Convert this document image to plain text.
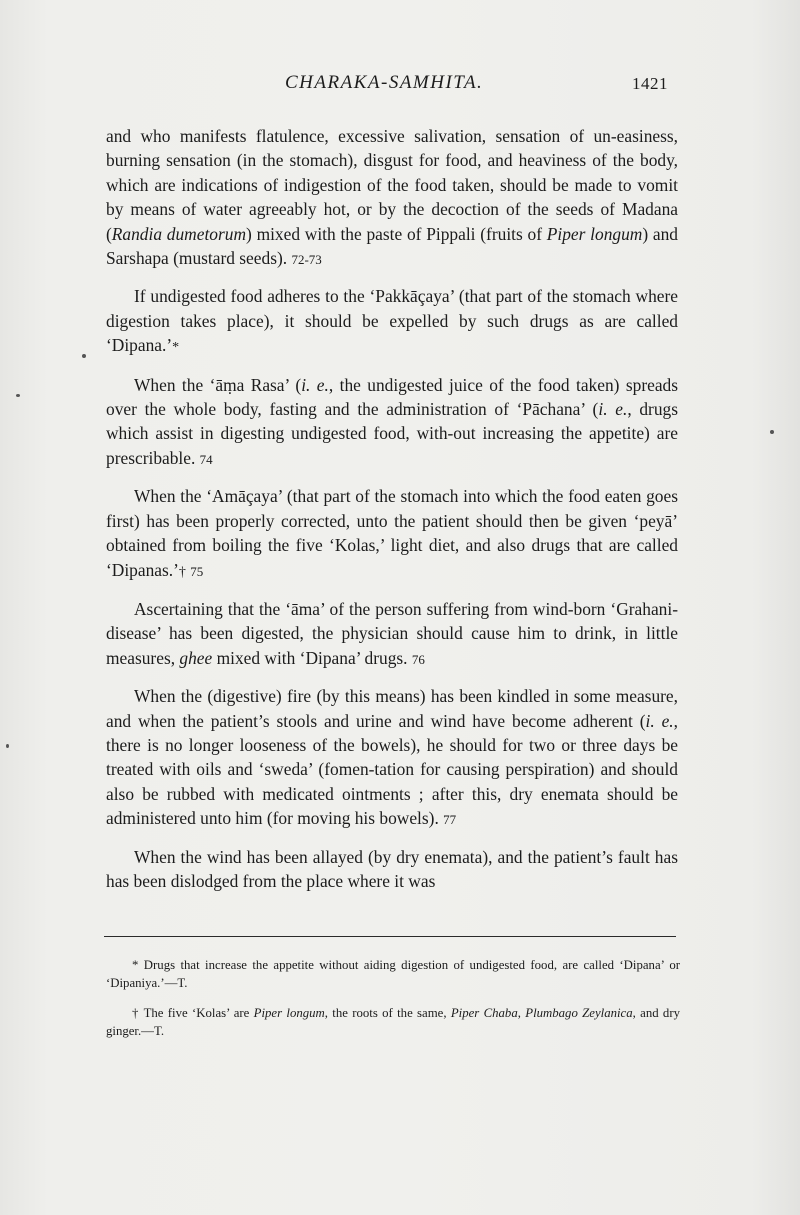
CHARAKA-SAMHITA.	1421

and who manifests flatulence, excessive salivation, sensation of un-easiness, burning sensation (in the stomach), disgust for food, and heaviness of the body, which are indications of indigestion of the food taken, should be made to vomit by means of water agreeably hot, or by the decoction of the seeds of Madana (Randia dumetorum) mixed with the paste of Pippali (fruits of Piper longum) and Sarshapa (mustard seeds). 72-73

If undigested food adheres to the ‘Pakkāçaya’ (that part of the stomach where digestion takes place), it should be expelled by such drugs as are called ‘Dipana.’*

When the ‘āṃa Rasa’ (i. e., the undigested juice of the food taken) spreads over the whole body, fasting and the administration of ‘Pāchana’ (i. e., drugs which assist in digesting undigested food, with-out increasing the appetite) are prescribable. 74

When the ‘Amāçaya’ (that part of the stomach into which the food eaten goes first) has been properly corrected, unto the patient should then be given ‘peyā’ obtained from boiling the five ‘Kolas,’ light diet, and also drugs that are called ‘Dipanas.’† 75

Ascertaining that the ‘āma’ of the person suffering from wind-born ‘Grahani-disease’ has been digested, the physician should cause him to drink, in little measures, ghee mixed with ‘Dipana’ drugs. 76

When the (digestive) fire (by this means) has been kindled in some measure, and when the patient’s stools and urine and wind have become adherent (i. e., there is no longer looseness of the bowels), he should for two or three days be treated with oils and ‘sweda’ (fomen-tation for causing perspiration) and should also be rubbed with medicated ointments ; after this, dry enemata should be administered unto him (for moving his bowels). 77

When the wind has been allayed (by dry enemata), and the patient’s fault has has been dislodged from the place where it was

* Drugs that increase the appetite without aiding digestion of undigested food, are called ‘Dipana’ or ‘Dipaniya.’—T.

† The five ‘Kolas’ are Piper longum, the roots of the same, Piper Chaba, Plumbago Zeylanica, and dry ginger.—T.
